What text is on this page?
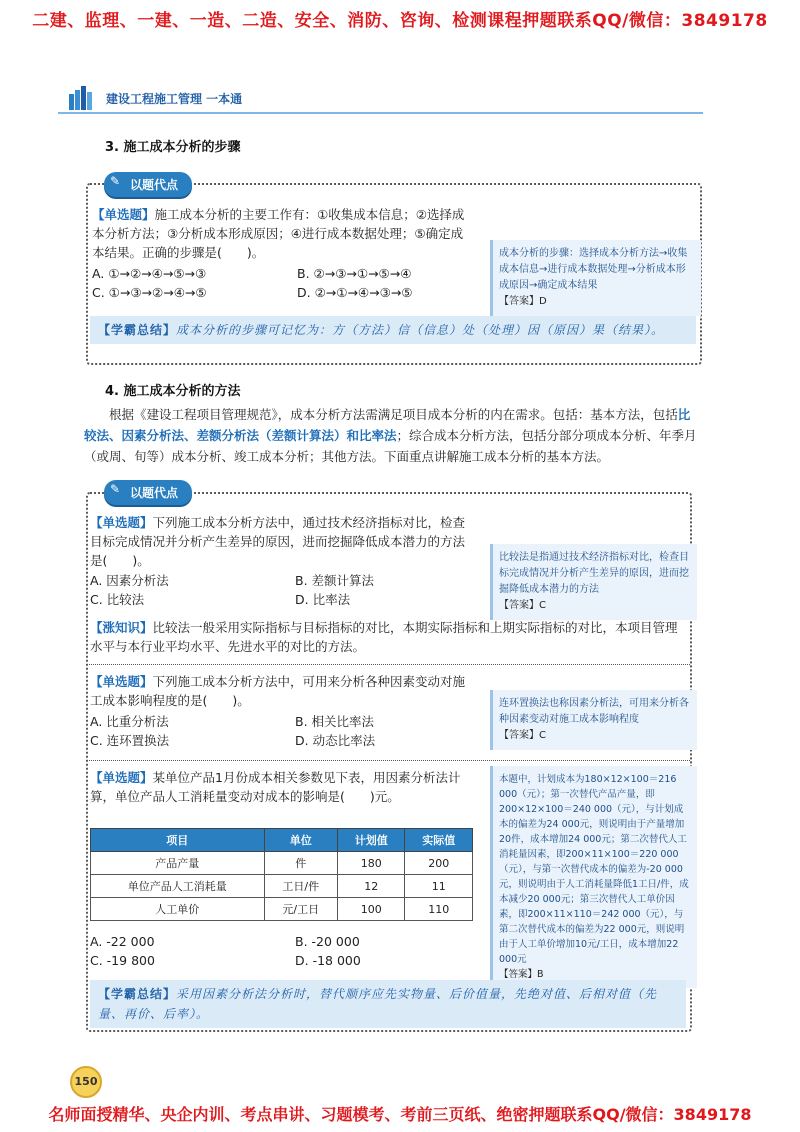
二建、监理、一建、一造、二造、安全、消防、咨询、检测课程押题联系QQ/微信：3849178
建设工程施工管理 一本通
3. 施工成本分析的步骤
✎ 以题代点
【单选题】施工成本分析的主要工作有：①收集成本信息；②选择成本分析方法；③分析成本形成原因；④进行成本数据处理；⑤确定成本结果。正确的步骤是(　　)。
A. ①→②→④→⑤→③	B. ②→③→①→⑤→④
C. ①→③→②→④→⑤	D. ②→①→④→③→⑤
成本分析的步骤：选择成本分析方法→收集成本信息→进行成本数据处理→分析成本形成原因→确定成本结果
【答案】D
【学霸总结】成本分析的步骤可记忆为：方（方法）信（信息）处（处理）因（原因）果（结果）。
4. 施工成本分析的方法
根据《建设工程项目管理规范》，成本分析方法需满足项目成本分析的内在需求。包括：基本方法，包括比较法、因素分析法、差额分析法（差额计算法）和比率法；综合成本分析方法，包括分部分项成本分析、年季月（或周、旬等）成本分析、竣工成本分析；其他方法。下面重点讲解施工成本分析的基本方法。
✎ 以题代点
【单选题】下列施工成本分析方法中，通过技术经济指标对比，检查目标完成情况并分析产生差异的原因，进而挖掘降低成本潜力的方法是(　　)。
A. 因素分析法	B. 差额计算法
C. 比较法	D. 比率法
比较法是指通过技术经济指标对比，检查目标完成情况并分析产生差异的原因，进而挖掘降低成本潜力的方法
【答案】C
【涨知识】比较法一般采用实际指标与目标指标的对比，本期实际指标和上期实际指标的对比，本项目管理水平与本行业平均水平、先进水平的对比的方法。
【单选题】下列施工成本分析方法中，可用来分析各种因素变动对施工成本影响程度的是(　　)。
A. 比重分析法	B. 相关比率法
C. 连环置换法	D. 动态比率法
连环置换法也称因素分析法，可用来分析各种因素变动对施工成本影响程度
【答案】C
【单选题】某单位产品1月份成本相关参数见下表，用因素分析法计算，单位产品人工消耗量变动对成本的影响是(　　)元。
项目	单位	计划值	实际值
产品产量	件	180	200
单位产品人工消耗量	工日/件	12	11
人工单价	元/工日	100	110
A. -22 000	B. -20 000
C. -19 800	D. -18 000
本题中，计划成本为180×12×100＝216 000（元）；第一次替代产品产量，即200×12×100＝240 000（元），与计划成本的偏差为24 000元，则说明由于产量增加20件，成本增加24 000元；第二次替代人工消耗量因素，即200×11×100＝220 000（元），与第一次替代成本的偏差为-20 000元，则说明由于人工消耗量降低1工日/件，成本减少20 000元；第三次替代人工单价因素，即200×11×110＝242 000（元），与第二次替代成本的偏差为22 000元，则说明由于人工单价增加10元/工日，成本增加22 000元
【答案】B
【学霸总结】采用因素分析法分析时，替代顺序应先实物量、后价值量，先绝对值、后相对值（先量、再价、后率）。
150
名师面授精华、央企内训、考点串讲、习题模考、考前三页纸、绝密押题联系QQ/微信：3849178
